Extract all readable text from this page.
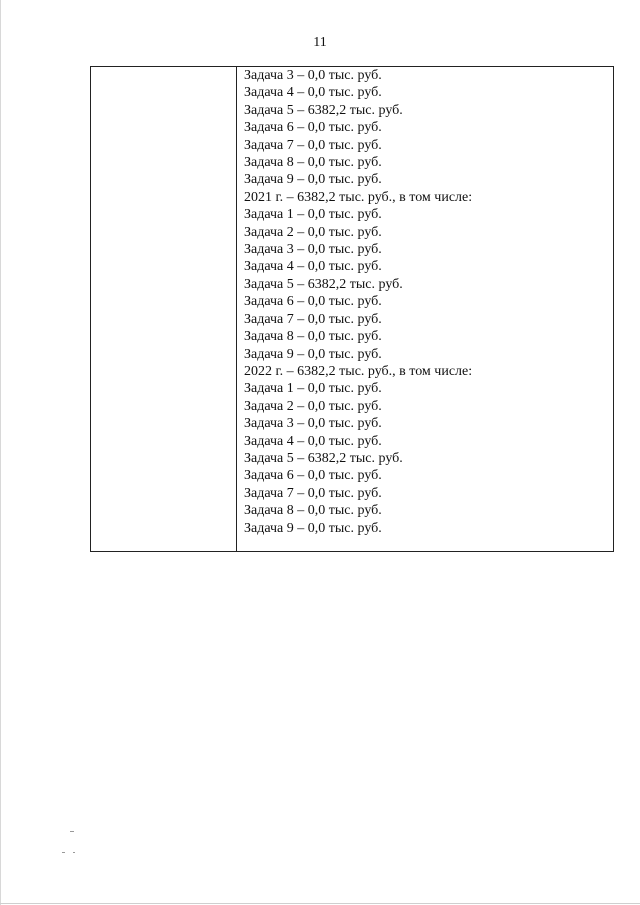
11
Задача 3 – 0,0 тыс. руб.
Задача 4 – 0,0 тыс. руб.
Задача 5 – 6382,2 тыс. руб.
Задача 6 – 0,0 тыс. руб.
Задача 7 – 0,0 тыс. руб.
Задача 8 – 0,0 тыс. руб.
Задача 9 – 0,0 тыс. руб.
2021 г. – 6382,2 тыс. руб., в том числе:
Задача 1 – 0,0 тыс. руб.
Задача 2 – 0,0 тыс. руб.
Задача 3 – 0,0 тыс. руб.
Задача 4 – 0,0 тыс. руб.
Задача 5 – 6382,2 тыс. руб.
Задача 6 – 0,0 тыс. руб.
Задача 7 – 0,0 тыс. руб.
Задача 8 – 0,0 тыс. руб.
Задача 9 – 0,0 тыс. руб.
2022 г. – 6382,2 тыс. руб., в том числе:
Задача 1 – 0,0 тыс. руб.
Задача 2 – 0,0 тыс. руб.
Задача 3 – 0,0 тыс. руб.
Задача 4 – 0,0 тыс. руб.
Задача 5 – 6382,2 тыс. руб.
Задача 6 – 0,0 тыс. руб.
Задача 7 – 0,0 тыс. руб.
Задача 8 – 0,0 тыс. руб.
Задача 9 – 0,0 тыс. руб.
